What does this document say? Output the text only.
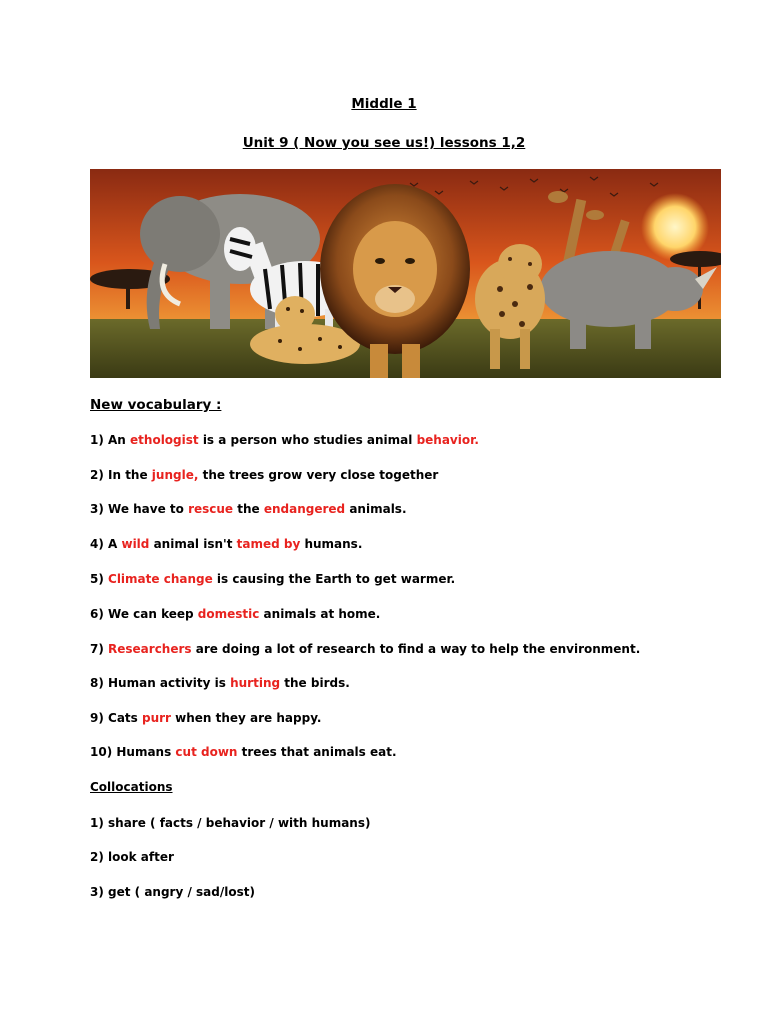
Middle 1
Unit 9 ( Now you see us!) lessons 1,2
New vocabulary :
1) An ethologist is a person who studies animal behavior.
2) In the jungle, the trees grow very close together
3) We have to rescue the endangered animals.
4) A wild animal isn't tamed by humans.
5) Climate change is causing the Earth to get warmer.
6) We can keep domestic animals at home.
7) Researchers are doing a lot of research to find a way to help the environment.
8) Human activity is hurting the birds.
9) Cats purr when they are happy.
10) Humans cut down trees that animals eat.
Collocations
1) share ( facts / behavior / with humans)
2) look after
3) get ( angry / sad/lost)
